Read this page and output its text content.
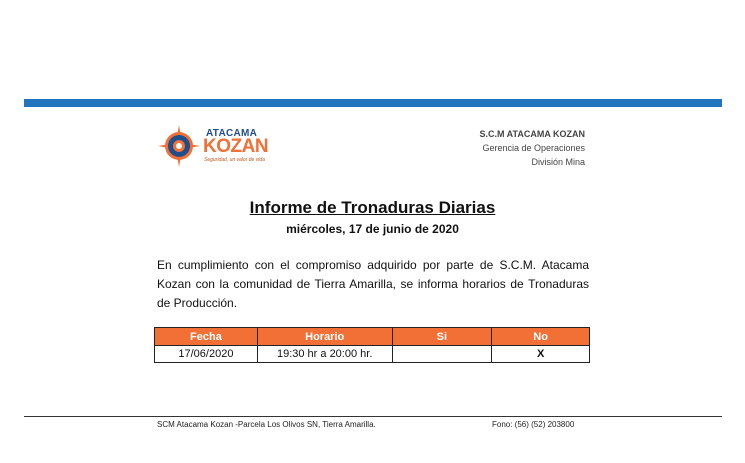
ATACAMA
KOZAN
Seguridad, un valor de vida
S.C.M ATACAMA KOZAN
Gerencia de Operaciones
División Mina
Informe de Tronaduras Diarias
miércoles, 17 de junio de 2020
En cumplimiento con el compromiso adquirido por parte de S.C.M. Atacama Kozan con la comunidad de Tierra Amarilla, se informa horarios de Tronaduras de Producción.
Fecha	Horario	Si	No
17/06/2020	19:30 hr a 20:00 hr.		X
SCM Atacama Kozan -Parcela Los Olivos SN, Tierra Amarilla.	Fono: (56) (52) 203800
